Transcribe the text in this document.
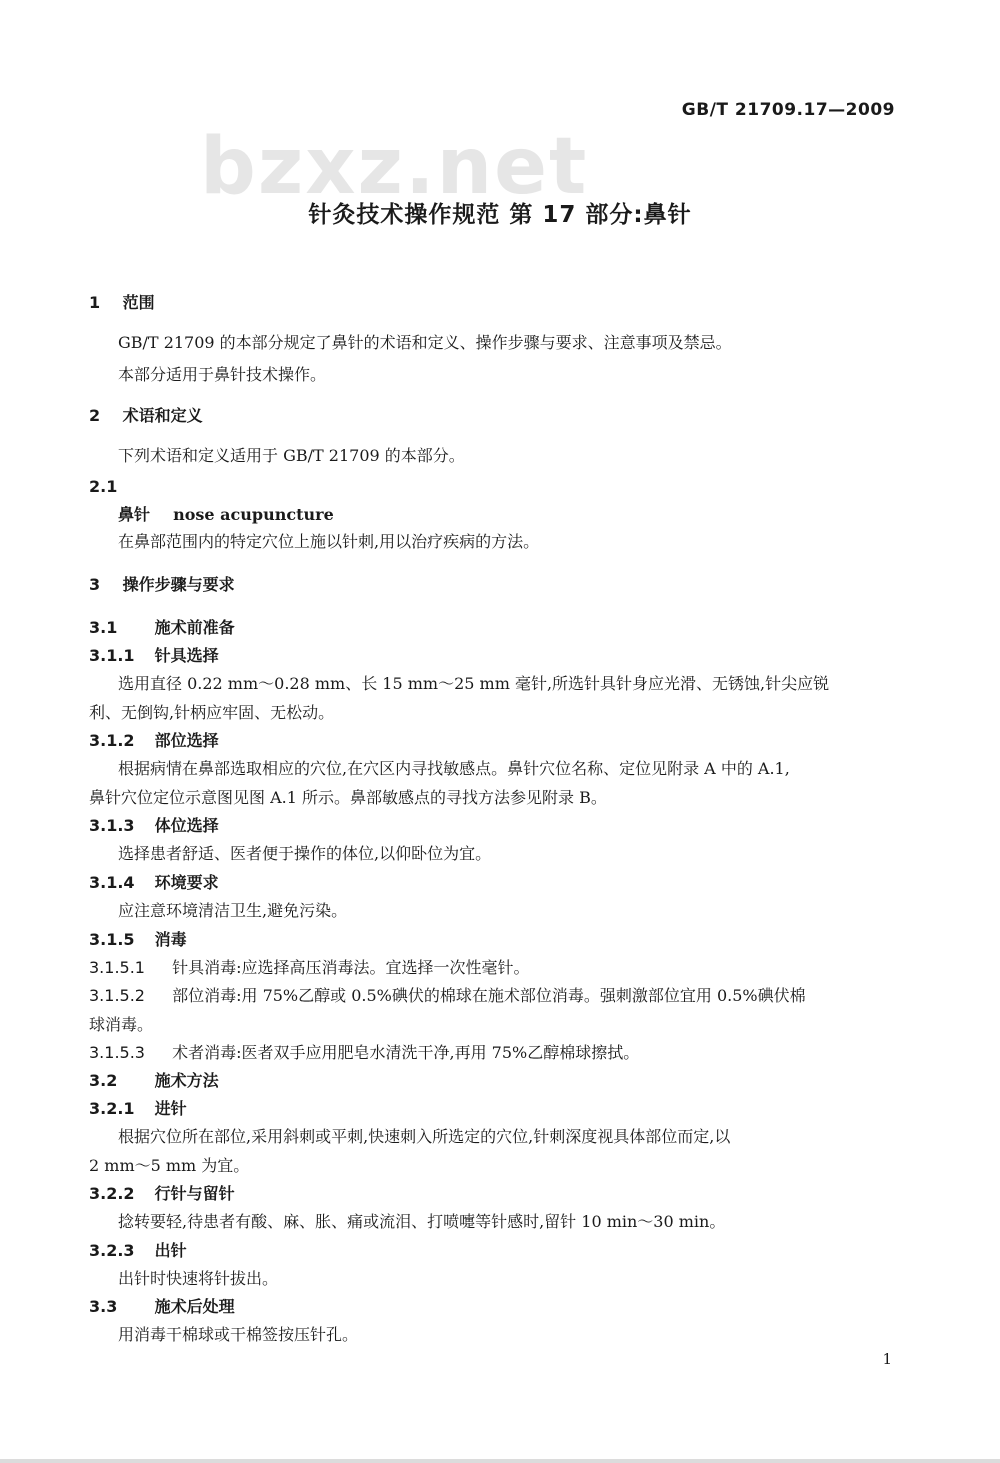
bzxz.net
GB/T 21709.17—2009
针灸技术操作规范 第 17 部分:鼻针
1 范围
GB/T 21709 的本部分规定了鼻针的术语和定义、操作步骤与要求、注意事项及禁忌。
本部分适用于鼻针技术操作。
2 术语和定义
下列术语和定义适用于 GB/T 21709 的本部分。
2.1
鼻针 nose acupuncture
在鼻部范围内的特定穴位上施以针刺,用以治疗疾病的方法。
3 操作步骤与要求
3.1 施术前准备
3.1.1 针具选择
选用直径 0.22 mm～0.28 mm、长 15 mm～25 mm 毫针,所选针具针身应光滑、无锈蚀,针尖应锐
利、无倒钩,针柄应牢固、无松动。
3.1.2 部位选择
根据病情在鼻部选取相应的穴位,在穴区内寻找敏感点。鼻针穴位名称、定位见附录 A 中的 A.1,
鼻针穴位定位示意图见图 A.1 所示。鼻部敏感点的寻找方法参见附录 B。
3.1.3 体位选择
选择患者舒适、医者便于操作的体位,以仰卧位为宜。
3.1.4 环境要求
应注意环境清洁卫生,避免污染。
3.1.5 消毒
3.1.5.1 针具消毒:应选择高压消毒法。宜选择一次性毫针。
3.1.5.2 部位消毒:用 75%乙醇或 0.5%碘伏的棉球在施术部位消毒。强刺激部位宜用 0.5%碘伏棉
球消毒。
3.1.5.3 术者消毒:医者双手应用肥皂水清洗干净,再用 75%乙醇棉球擦拭。
3.2 施术方法
3.2.1 进针
根据穴位所在部位,采用斜刺或平刺,快速刺入所选定的穴位,针刺深度视具体部位而定,以
2 mm～5 mm 为宜。
3.2.2 行针与留针
捻转要轻,待患者有酸、麻、胀、痛或流泪、打喷嚏等针感时,留针 10 min～30 min。
3.2.3 出针
出针时快速将针拔出。
3.3 施术后处理
用消毒干棉球或干棉签按压针孔。
1
